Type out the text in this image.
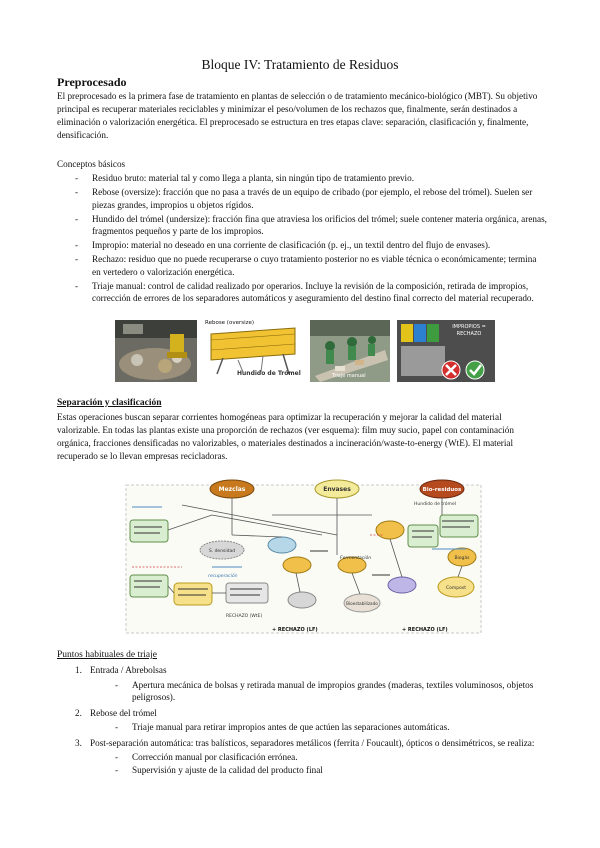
Bloque IV: Tratamiento de Residuos
Preprocesado
El preprocesado es la primera fase de tratamiento en plantas de selección o de tratamiento mecánico-biológico (MBT). Su objetivo principal es recuperar materiales reciclables y minimizar el peso/volumen de los rechazos que, finalmente, serán destinados a eliminación o valorización energética. El preprocesado se estructura en tres etapas clave: separación, clasificación y, finalmente, densificación.
Conceptos básicos
- Residuo bruto: material tal y como llega a planta, sin ningún tipo de tratamiento previo.
- Rebose (oversize): fracción que no pasa a través de un equipo de cribado (por ejemplo, el rebose del trómel). Suelen ser piezas grandes, impropios u objetos rígidos.
- Hundido del trómel (undersize): fracción fina que atraviesa los orificios del trómel; suele contener materia orgánica, arenas, fragmentos pequeños y parte de los impropios.
- Impropio: material no deseado en una corriente de clasificación (p. ej., un textil dentro del flujo de envases).
- Rechazo: residuo que no puede recuperarse o cuyo tratamiento posterior no es viable técnica o económicamente; termina en vertedero o valorización energética.
- Triaje manual: control de calidad realizado por operarios. Incluye la revisión de la composición, retirada de impropios, corrección de errores de los separadores automáticos y aseguramiento del destino final correcto del material recuperado.
Rebose (oversize)
Hundido de Trómel	Triaje manual
IMPROPIOS = RECHAZO
Separación y clasificación
Estas operaciones buscan separar corrientes homogéneas para optimizar la recuperación y mejorar la calidad del material valorizable. En todas las plantas existe una proporción de rechazos (ver esquema): film muy sucio, papel con contaminación orgánica, fracciones densificadas no valorizables, o materiales destinados a incineración/waste-to-energy (WtE). El material recuperado se lo llevan empresas recicladoras.
Mezclas	Envases	Bio-residuos
Hundido de trómel
S. densidad
recuperación
Fermentación
Compost
Biogás
Bioestabilizado
RECHAZO (WtE)
+ RECHAZO (LF)	+ RECHAZO (LF)
Puntos habituales de triaje
1. Entrada / Abrebolsas
- Apertura mecánica de bolsas y retirada manual de impropios grandes (maderas, textiles voluminosos, objetos peligrosos).
2. Rebose del trómel
- Triaje manual para retirar impropios antes de que actúen las separaciones automáticas.
3. Post-separación automática: tras balísticos, separadores metálicos (ferrita / Foucault), ópticos o densimétricos, se realiza:
- Corrección manual por clasificación errónea.
- Supervisión y ajuste de la calidad del producto final
